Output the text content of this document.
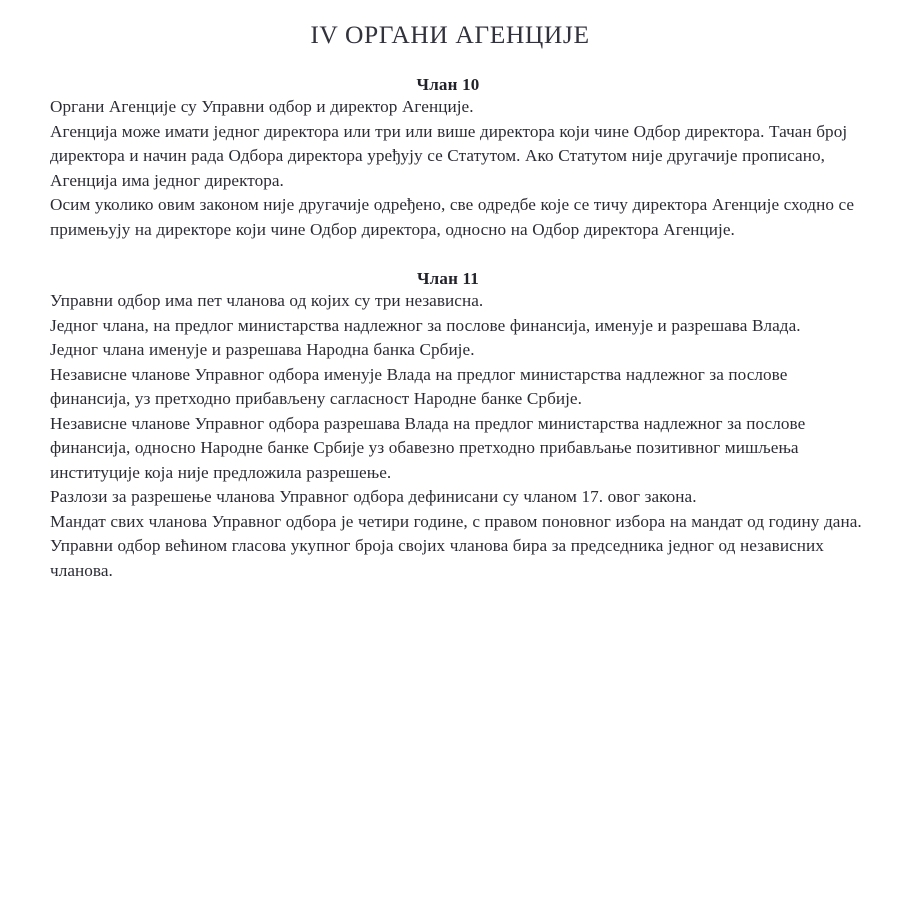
IV ОРГАНИ АГЕНЦИЈЕ
Члан 10

Органи Агенције су Управни одбор и директор Агенције.

Агенција може имати једног директора или три или више директора који чине Одбор директора. Тачан број директора и начин рада Одбора директора уређују се Статутом. Ако Статутом није другачије прописано, Агенција има једног директора.

Осим уколико овим законом није другачије одређено, све одредбе које се тичу директора Агенције сходно се примењују на директоре који чине Одбор директора, односно на Одбор директора Агенције.

Члан 11

Управни одбор има пет чланова од којих су три независна.

Једног члана, на предлог министарства надлежног за послове финансија, именује и разрешава Влада.

Једног члана именује и разрешава Народна банка Србије.

Независне чланове Управног одбора именује Влада на предлог министарства надлежног за послове финансија, уз претходно прибављену сагласност Народне банке Србије.

Независне чланове Управног одбора разрешава Влада на предлог министарства надлежног за послове финансија, односно Народне банке Србије уз обавезно претходно прибављање позитивног мишљења институције која није предложила разрешење.

Разлози за разрешење чланова Управног одбора дефинисани су чланом 17. овог закона.

Мандат свих чланова Управног одбора је четири године, с правом поновног избора на мандат од годину дана.

Управни одбор већином гласова укупног броја својих чланова бира за председника једног од независних чланова.
